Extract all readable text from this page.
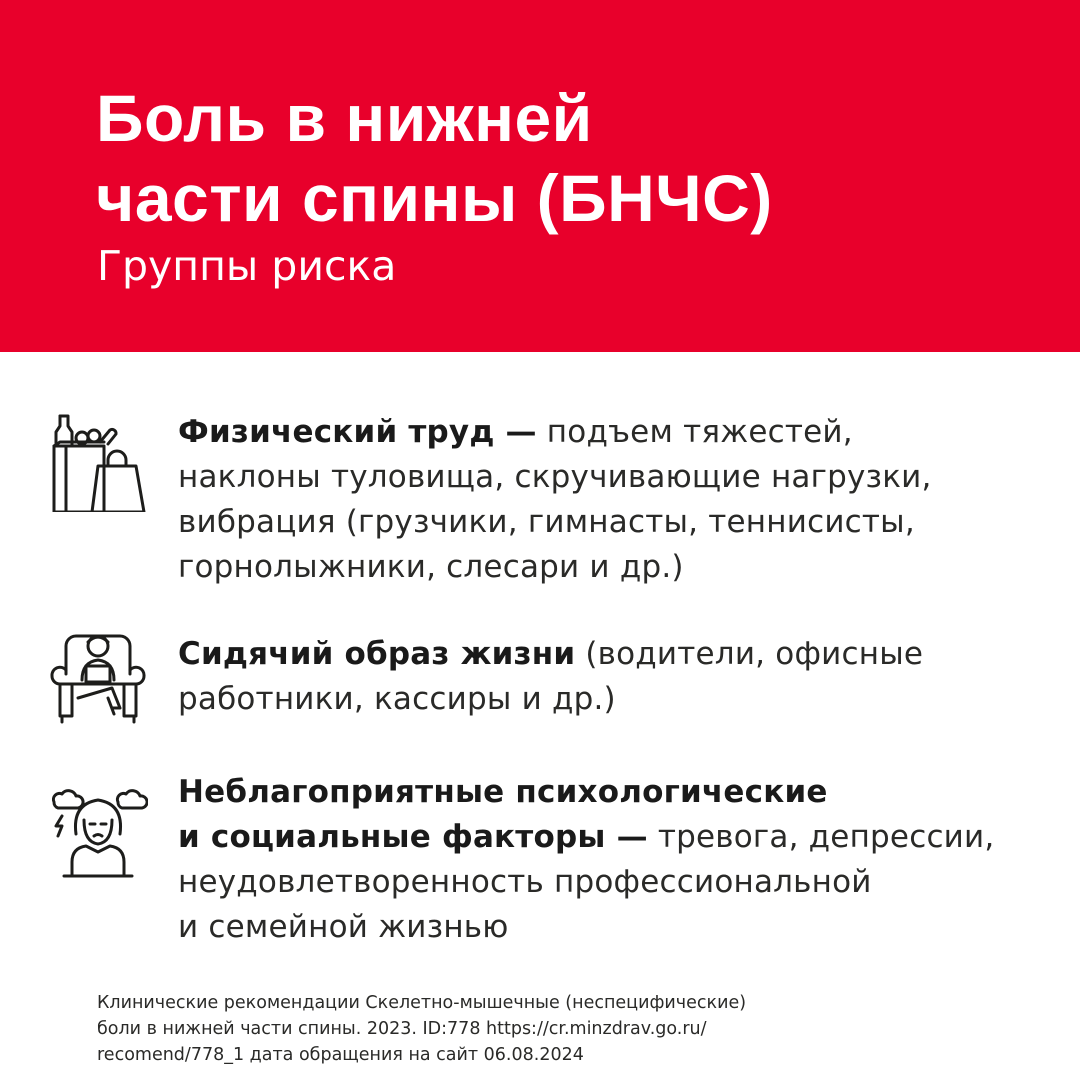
Боль в нижней
части спины (БНЧС)

Группы риска

Физический труд — подъем тяжестей,
наклоны туловища, скручивающие нагрузки,
вибрация (грузчики, гимнасты, теннисисты,
горнолыжники, слесари и др.)

Сидячий образ жизни (водители, офисные
работники, кассиры и др.)

Неблагоприятные психологические
и социальные факторы — тревога, депрессии,
неудовлетворенность профессиональной
и семейной жизнью

Клинические рекомендации Скелетно-мышечные (неспецифические)
боли в нижней части спины. 2023. ID:778 https://cr.minzdrav.go.ru/
recomend/778_1 дата обращения на сайт 06.08.2024
